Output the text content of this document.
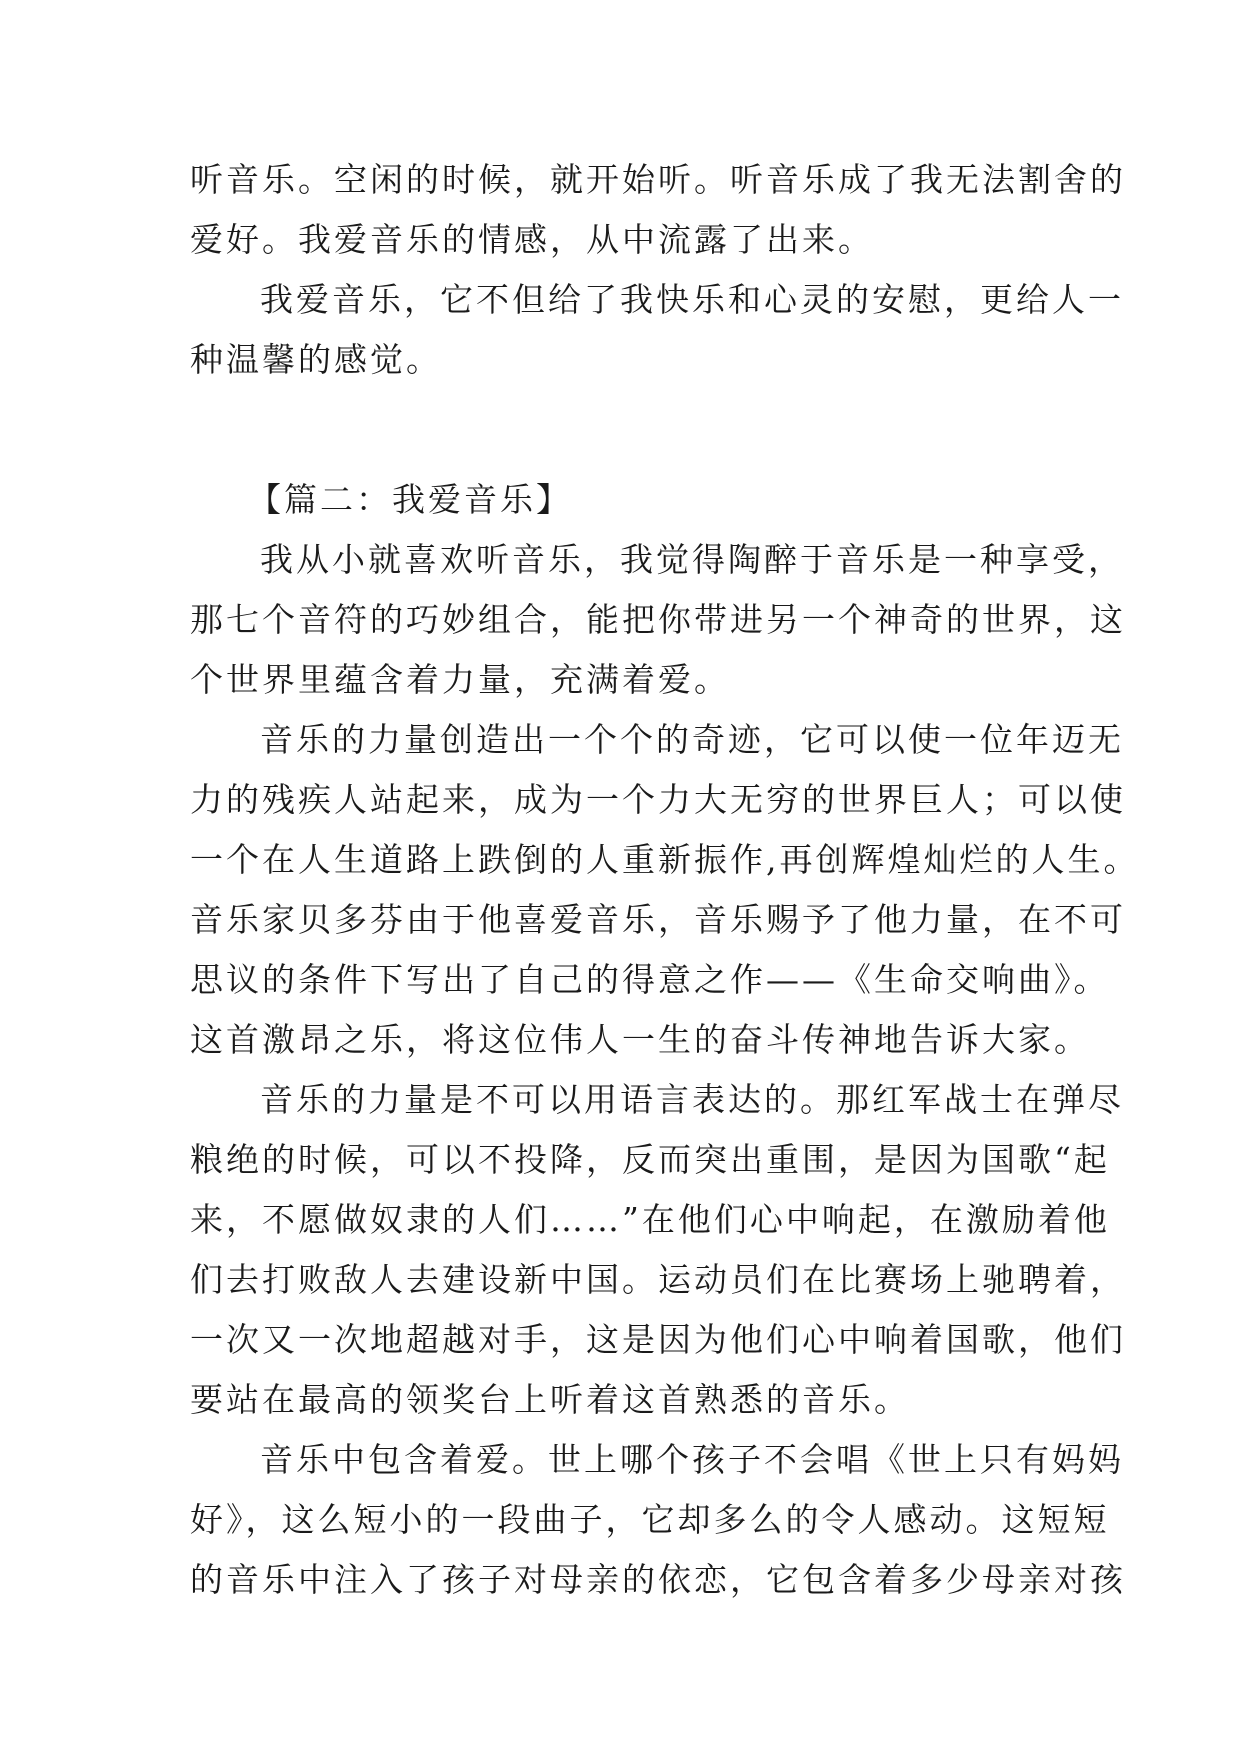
听音乐。空闲的时候，就开始听。听音乐成了我无法割舍的
爱好。我爱音乐的情感，从中流露了出来。
我爱音乐，它不但给了我快乐和心灵的安慰，更给人一
种温馨的感觉。
【篇二：我爱音乐】
我从小就喜欢听音乐，我觉得陶醉于音乐是一种享受，
那七个音符的巧妙组合，能把你带进另一个神奇的世界，这
个世界里蕴含着力量，充满着爱。
音乐的力量创造出一个个的奇迹，它可以使一位年迈无
力的残疾人站起来，成为一个力大无穷的世界巨人；可以使
一个在人生道路上跌倒的人重新振作,再创辉煌灿烂的人生。
音乐家贝多芬由于他喜爱音乐，音乐赐予了他力量，在不可
思议的条件下写出了自己的得意之作——《生命交响曲》。
这首激昂之乐，将这位伟人一生的奋斗传神地告诉大家。
音乐的力量是不可以用语言表达的。那红军战士在弹尽
粮绝的时候，可以不投降，反而突出重围，是因为国歌“起
来，不愿做奴隶的人们……”在他们心中响起，在激励着他
们去打败敌人去建设新中国。运动员们在比赛场上驰聘着，
一次又一次地超越对手，这是因为他们心中响着国歌，他们
要站在最高的领奖台上听着这首熟悉的音乐。
音乐中包含着爱。世上哪个孩子不会唱《世上只有妈妈
好》，这么短小的一段曲子，它却多么的令人感动。这短短
的音乐中注入了孩子对母亲的依恋，它包含着多少母亲对孩
